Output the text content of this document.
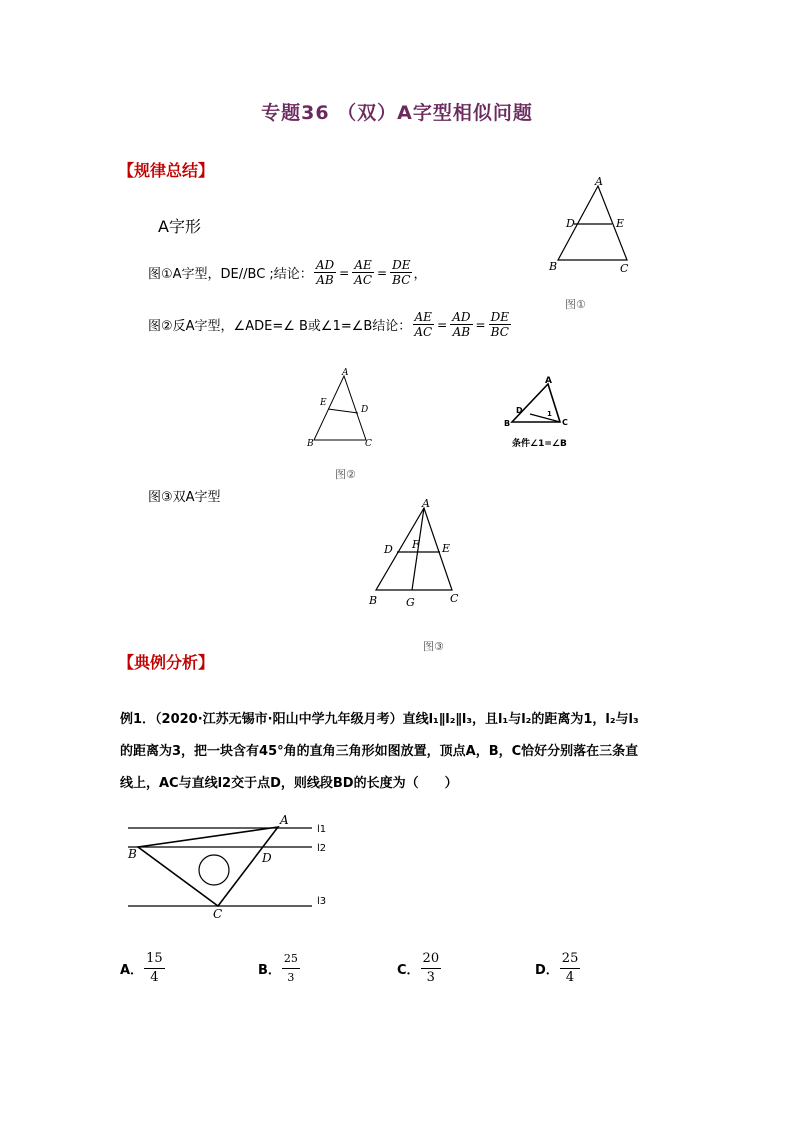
专题36 （双）A字型相似问题
【规律总结】
A字形
图①A字型，DE//BC ;结论： $\frac{AD}{AB} = \frac{AE}{AC} = \frac{DE}{BC}$ ，
图②反A字型，∠ADE=∠ B或∠1=∠B结论： $\frac{AE}{AC} = \frac{AD}{AB} = \frac{DE}{BC}$
A
D	E
B	C
图①
A
E
D
B	C
图②
A
D	1
B	C
条件∠1=∠B
图③双A字型	A
D F E
B	G	C
图③
【典例分析】
例1．（2020·江苏无锡市·阳山中学九年级月考）直线l₁∥l₂∥l₃，且l₁与l₂的距离为1，l₂与l₃
的距离为3，把一块含有45°角的直角三角形如图放置，顶点A，B，C恰好分别落在三条直
线上，AC与直线l2交于点D，则线段BD的长度为（　　）
A
B	D
C
l1
l2
l3
A． $\frac{15}{4}$	B． $\frac{25}{3}$	C． $\frac{20}{3}$	D． $\frac{25}{4}$
